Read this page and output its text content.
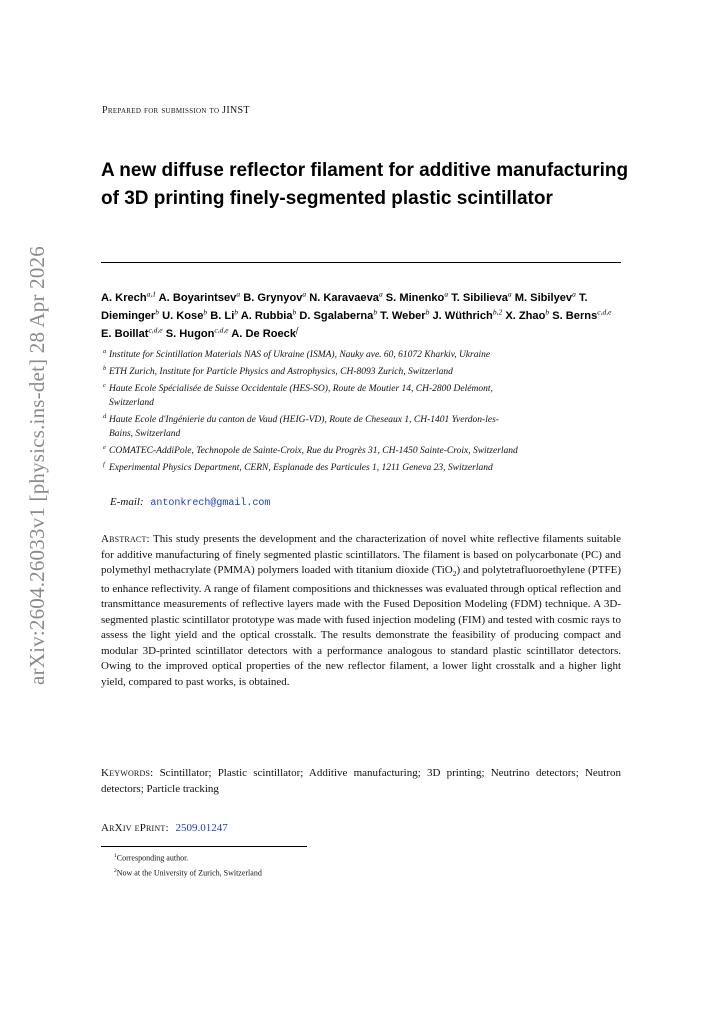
arXiv:2604.26033v1 [physics.ins-det] 28 Apr 2026
Prepared for submission to JINST
A new diffuse reflector filament for additive manufacturing of 3D printing finely-segmented plastic scintillator
A. Krech$^{a,1}$ A. Boyarintsev$^a$ B. Grynyov$^a$ N. Karavaeva$^a$ S. Minenko$^a$ T. Sibilieva$^a$ M. Sibilyev$^a$ T. Dieminger$^b$ U. Kose$^b$ B. Li$^b$ A. Rubbia$^b$ D. Sgalaberna$^b$ T. Weber$^b$ J. Wüthrich$^{b,2}$ X. Zhao$^b$ S. Berns$^{c,d,e}$ E. Boillat$^{c,d,e}$ S. Hugon$^{c,d,e}$ A. De Roeck$^f$
a Institute for Scintillation Materials NAS of Ukraine (ISMA), Nauky ave. 60, 61072 Kharkiv, Ukraine
b ETH Zurich, Institute for Particle Physics and Astrophysics, CH-8093 Zurich, Switzerland
c Haute Ecole Spécialisée de Suisse Occidentale (HES-SO), Route de Moutier 14, CH-2800 Delémont,
Switzerland
d Haute Ecole d'Ingénierie du canton de Vaud (HEIG-VD), Route de Cheseaux 1, CH-1401 Yverdon-les-
Bains, Switzerland
e COMATEC-AddiPole, Technopole de Sainte-Croix, Rue du Progrès 31, CH-1450 Sainte-Croix, Switzerland
f Experimental Physics Department, CERN, Esplanade des Particules 1, 1211 Geneva 23, Switzerland
E-mail: antonkrech@gmail.com
Abstract: This study presents the development and the characterization of novel white reflective filaments suitable for additive manufacturing of finely segmented plastic scintillators. The filament is based on polycarbonate (PC) and polymethyl methacrylate (PMMA) polymers loaded with titanium dioxide (TiO$_2$) and polytetrafluoroethylene (PTFE) to enhance reflectivity. A range of filament compositions and thicknesses was evaluated through optical reflection and transmittance measurements of reflective layers made with the Fused Deposition Modeling (FDM) technique. A 3D-segmented plastic scintillator prototype was made with fused injection modeling (FIM) and tested with cosmic rays to assess the light yield and the optical crosstalk. The results demonstrate the feasibility of producing compact and modular 3D-printed scintillator detectors with a performance analogous to standard plastic scintillator detectors. Owing to the improved optical properties of the new reflector filament, a lower light crosstalk and a higher light yield, compared to past works, is obtained.
Keywords: Scintillator; Plastic scintillator; Additive manufacturing; 3D printing; Neutrino detectors; Neutron detectors; Particle tracking
ArXiv ePrint: 2509.01247
$^1$Corresponding author.
$^2$Now at the University of Zurich, Switzerland
